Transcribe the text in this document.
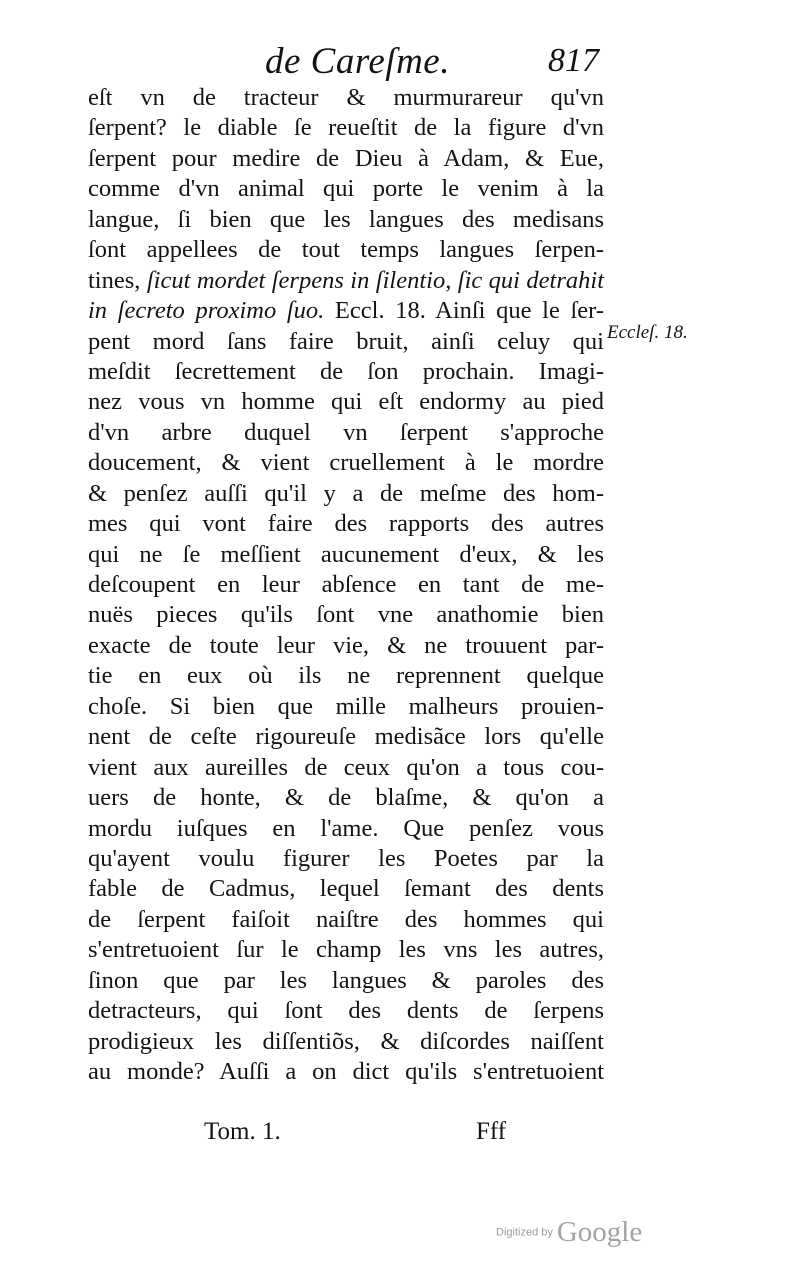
de Careſme.	817
eſt vn de tracteur & murmurareur qu'vn
ſerpent? le diable ſe reueſtit de la figure d'vn
ſerpent pour medire de Dieu à Adam, & Eue,
comme d'vn animal qui porte le venim à la
langue, ſi bien que les langues des medisans
ſont appellees de tout temps langues ſerpen-
tines, ſicut mordet ſerpens in ſilentio, ſic qui detrahit
in ſecreto proximo ſuo. Eccl. 18. Ainſi que le ſer-
pent mord ſans faire bruit, ainſi celuy qui
meſdit ſecrettement de ſon prochain. Imagi-
nez vous vn homme qui eſt endormy au pied
d'vn arbre duquel vn ſerpent s'approche
doucement, & vient cruellement à le mordre
& penſez auſſi qu'il y a de meſme des hom-
mes qui vont faire des rapports des autres
qui ne ſe meſſient aucunement d'eux, & les
deſcoupent en leur abſence en tant de me-
nuës pieces qu'ils ſont vne anathomie bien
exacte de toute leur vie, & ne trouuent par-
tie en eux où ils ne reprennent quelque
choſe. Si bien que mille malheurs prouien-
nent de ceſte rigoureuſe medisãce lors qu'elle
vient aux aureilles de ceux qu'on a tous cou-
uers de honte, & de blaſme, & qu'on a
mordu iuſques en l'ame. Que penſez vous
qu'ayent voulu figurer les Poetes par la
fable de Cadmus, lequel ſemant des dents
de ſerpent faiſoit naiſtre des hommes qui
s'entretuoient ſur le champ les vns les autres,
ſinon que par les langues & paroles des
detracteurs, qui ſont des dents de ſerpens
prodigieux les diſſentiõs, & diſcordes naiſſent
au monde? Auſſi a on dict qu'ils s'entretuoient
Eccleſ. 18.
Tom. 1.	Fff
Digitized by Google
